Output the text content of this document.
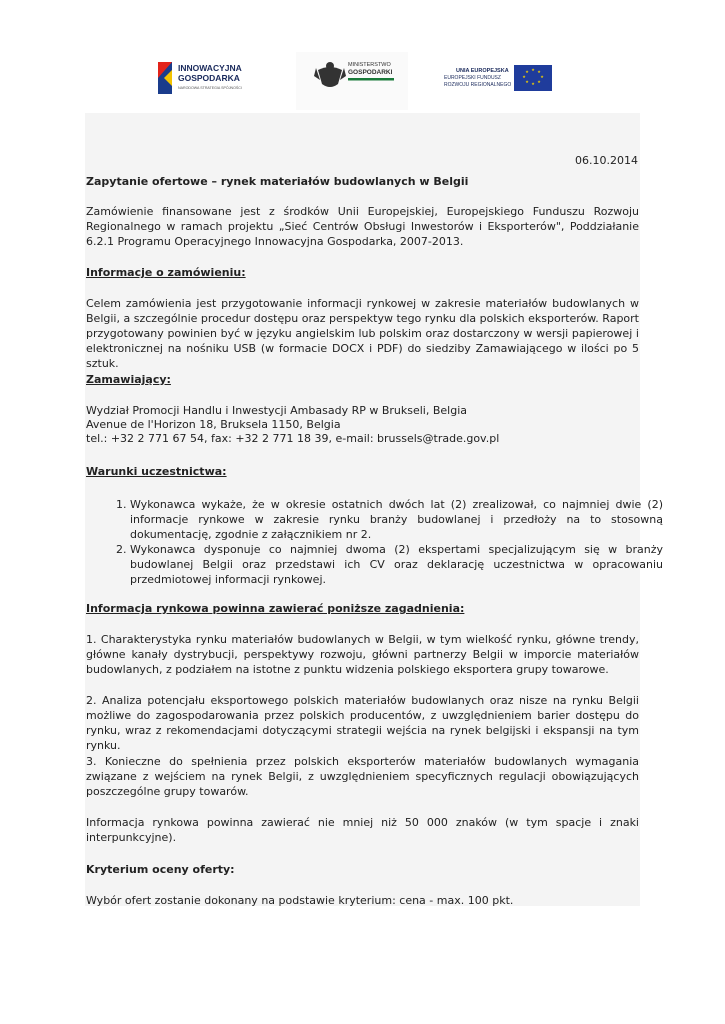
INNOWACYJNA
GOSPODARKA
NARODOWA STRATEGIA SPÓJNOŚCI
MINISTERSTWO
GOSPODARKI	UNIA EUROPEJSKA
EUROPEJSKI FUNDUSZ
ROZWOJU REGIONALNEGO
★ ★
★
★
★
★
★
★

06.10.2014

Zapytanie ofertowe – rynek materiałów budowlanych w Belgii

Zamówienie finansowane jest z środków Unii Europejskiej, Europejskiego Funduszu Rozwoju Regionalnego w ramach projektu „Sieć Centrów Obsługi Inwestorów i Eksporterów", Poddziałanie 6.2.1 Programu Operacyjnego Innowacyjna Gospodarka, 2007-2013.

Informacje o zamówieniu:

Celem zamówienia jest przygotowanie informacji rynkowej w zakresie materiałów budowlanych w Belgii, a szczególnie procedur dostępu oraz perspektyw tego rynku dla polskich eksporterów. Raport przygotowany powinien być w języku angielskim lub polskim oraz dostarczony w wersji papierowej i elektronicznej na nośniku USB (w formacie DOCX i PDF) do siedziby Zamawiającego w ilości po 5 sztuk.

Zamawiający:

Wydział Promocji Handlu i Inwestycji Ambasady RP w Brukseli, Belgia

Avenue de l'Horizon 18, Bruksela 1150, Belgia

tel.: +32 2 771 67 54, fax: +32 2 771 18 39, e-mail: brussels@trade.gov.pl

Warunki uczestnictwa:

1. Wykonawca wykaże, że w okresie ostatnich dwóch lat (2) zrealizował, co najmniej dwie (2) informacje rynkowe w zakresie rynku branży budowlanej i przedłoży na to stosowną dokumentację, zgodnie z załącznikiem nr 2.
2. Wykonawca dysponuje co najmniej dwoma (2) ekspertami specjalizującym się w branży budowlanej Belgii oraz przedstawi ich CV oraz deklarację uczestnictwa w opracowaniu przedmiotowej informacji rynkowej.

Informacja rynkowa powinna zawierać poniższe zagadnienia:

1. Charakterystyka rynku materiałów budowlanych w Belgii, w tym wielkość rynku, główne trendy, główne kanały dystrybucji, perspektywy rozwoju, główni partnerzy Belgii w imporcie materiałów budowlanych, z podziałem na istotne z punktu widzenia polskiego eksportera grupy towarowe.

2. Analiza potencjału eksportowego polskich materiałów budowlanych oraz nisze na rynku Belgii możliwe do zagospodarowania przez polskich producentów, z uwzględnieniem barier dostępu do rynku, wraz z rekomendacjami dotyczącymi strategii wejścia na rynek belgijski i ekspansji na tym rynku.

3. Konieczne do spełnienia przez polskich eksporterów materiałów budowlanych wymagania związane z wejściem na rynek Belgii, z uwzględnieniem specyficznych regulacji obowiązujących poszczególne grupy towarów.

Informacja rynkowa powinna zawierać nie mniej niż 50 000 znaków (w tym spacje i znaki interpunkcyjne).

Kryterium oceny oferty:

Wybór ofert zostanie dokonany na podstawie kryterium: cena - max. 100 pkt.
